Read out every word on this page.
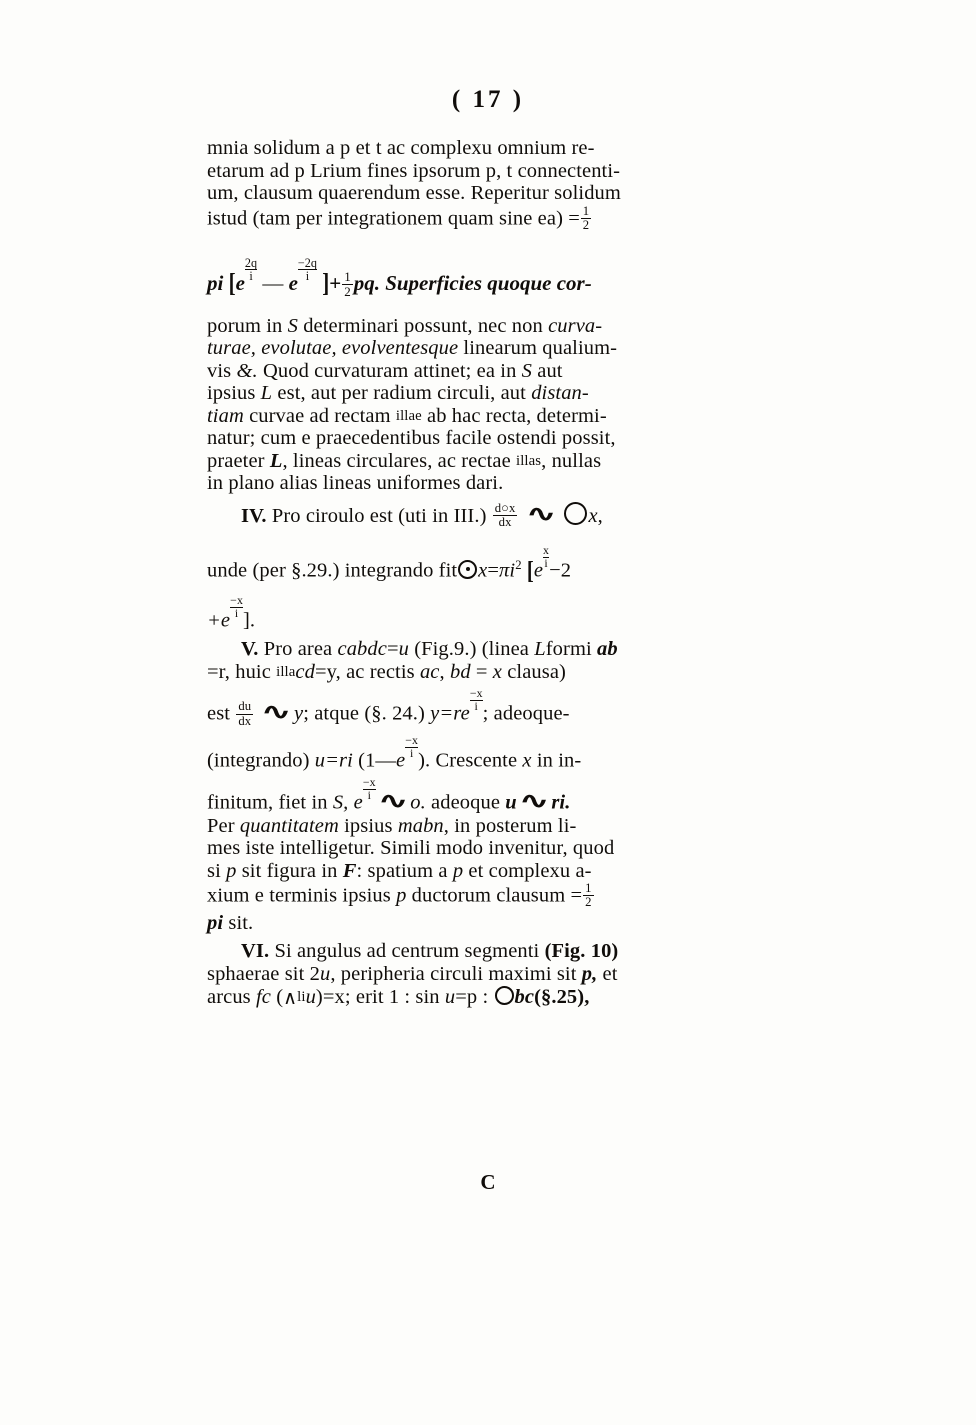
( 17 )
mnia solidum a p et t ac complexu omnium re-
etarum ad p Lrium fines ipsorum p, t connectenti-
um, clausum quaerendum esse. Reperitur solidum
istud (tam per integrationem quam sine $ea) = \frac{1}{2}$
pi [e
$\frac{2q}{i}$
— e
$\frac{-2q}{i}$ ]+ $\frac{1}{2}$ pq. Superficies quoque cor-
porum in S determinari possunt, nec non curva-
turae, evolutae, evolventesque linearum qualium-
vis &. Quod curvaturam attinet; ea in S aut
ipsius L est, aut per radium circuli, aut distan-
tiam curvae ad rectam illae ab hac recta, determi-
natur; cum e praecedentibus facile ostendi possit,
praeter L, lineas circulares, ac rectae illas, nullas
in plano alias lineas uniformes dari.
IV. Pro ciroulo est (uti in $III.) \frac{d○x}{dx}$ ∿ x,
unde (per §.29.) integrando fit $x=\pi i^2$ [e
$\frac{x}{i}$
−2
+e
$\frac{-x}{i}$
].
V. Pro area cabdc=u (Fig.9.) (linea Lformi ab
=r, huic illacd=y, ac rectis ac, bd = x clausa)
est $\frac{du}{dx}$ ∿ y; atque (§. 24.) y=re
$\frac{-x}{i}$
; adeoque-
(integrando) u=ri (1—e
$\frac{-x}{i}$
). Crescente x in in-
finitum, fiet in S, e
$\frac{-x}{i}$ ∿ o. adeoque u ∿ ri.
Per quantitatem ipsius mabn, in posterum li-
mes iste intelligetur. Simili modo invenitur, quod
si p sit figura in F: spatium a p et complexu a-
xium e terminis ipsius p ductorum clausum = $\frac{1}{2}$
pi sit.
VI. Si angulus ad centrum segmenti (Fig. 10)
sphaerae sit 2u, peripheria circuli maximi sit p, et
arcus fc (∧liu)=x; erit 1 : sin u=p : bc(§.25),
C
